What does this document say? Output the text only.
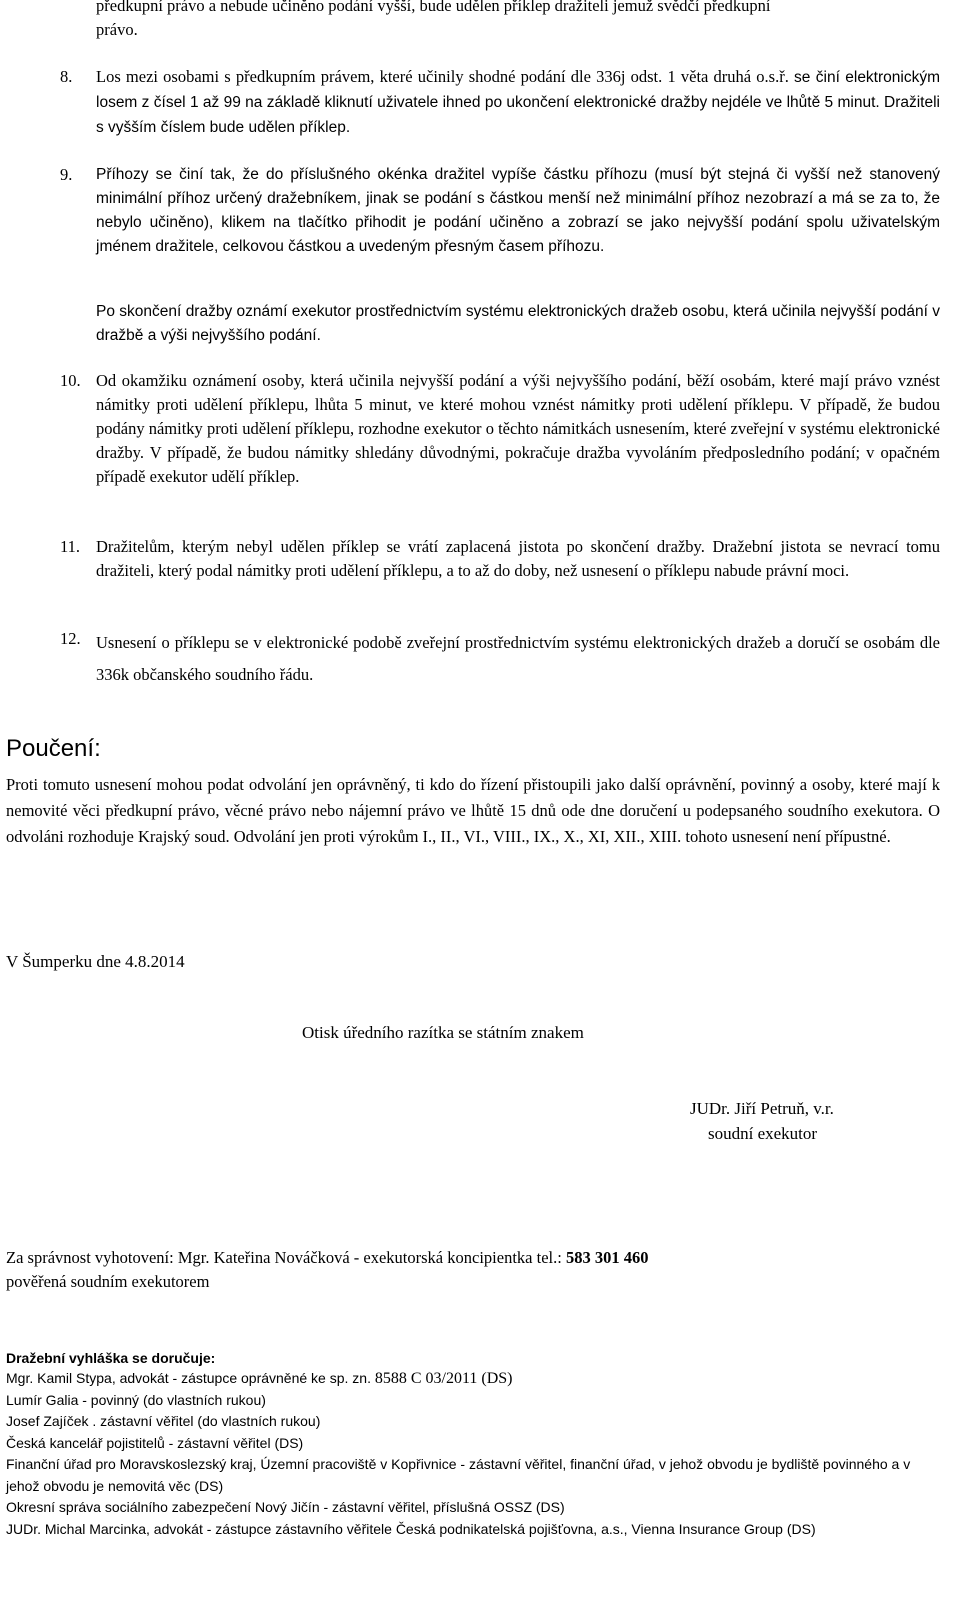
předkupní právo a nebude učiněno podání vyšší, bude udělen příklep dražiteli jemuž svědčí předkupní
právo.
8.	Los mezi osobami s předkupním právem, které učinily shodné podání dle 336j odst. 1 věta druhá o.s.ř. se činí elektronickým losem z čísel 1 až 99 na základě kliknutí uživatele ihned po ukončení elektronické dražby nejdéle ve lhůtě 5 minut. Dražiteli s vyšším číslem bude udělen příklep.
9.	Příhozy se činí tak, že do příslušného okénka dražitel vypíše částku příhozu (musí být stejná či vyšší než stanovený minimální příhoz určený dražebníkem, jinak se podání s částkou menší než minimální příhoz nezobrazí a má se za to, že nebylo učiněno), klikem na tlačítko přihodit je podání učiněno a zobrazí se jako nejvyšší podání spolu uživatelským jménem dražitele, celkovou částkou a uvedeným přesným časem příhozu.
Po skončení dražby oznámí exekutor prostřednictvím systému elektronických dražeb osobu, která učinila nejvyšší podání v dražbě a výši nejvyššího podání.
10. Od okamžiku oznámení osoby, která učinila nejvyšší podání a výši nejvyššího podání, běží osobám, které mají právo vznést námitky proti udělení příklepu, lhůta 5 minut, ve které mohou vznést námitky proti udělení příklepu. V případě, že budou podány námitky proti udělení příklepu, rozhodne exekutor o těchto námitkách usnesením, které zveřejní v systému elektronické dražby. V případě, že budou námitky shledány důvodnými, pokračuje dražba vyvoláním předposledního podání; v opačném případě exekutor udělí příklep.
11. Dražitelům, kterým nebyl udělen příklep se vrátí zaplacená jistota po skončení dražby. Dražební jistota se nevrací tomu dražiteli, který podal námitky proti udělení příklepu, a to až do doby, než usnesení o příklepu nabude právní moci.
12. Usnesení o příklepu se v elektronické podobě zveřejní prostřednictvím systému elektronických dražeb a doručí se osobám dle 336k občanského soudního řádu.
Poučení:
Proti tomuto usnesení mohou podat odvolání jen oprávněný, ti kdo do řízení přistoupili jako další oprávnění, povinný a osoby, které mají k nemovité věci předkupní právo, věcné právo nebo nájemní právo ve lhůtě 15 dnů ode dne doručení u podepsaného soudního exekutora. O odvoláni rozhoduje Krajský soud. Odvolání jen proti výrokům I., II., VI., VIII., IX., X., XI, XII., XIII. tohoto usnesení není přípustné.
V Šumperku dne 4.8.2014
Otisk úředního razítka se státním znakem
JUDr. Jiří Petruň, v.r.
soudní exekutor
Za správnost vyhotovení: Mgr. Kateřina Nováčková - exekutorská koncipientka tel.: 583 301 460
pověřená soudním exekutorem
Dražební vyhláška se doručuje:
Mgr. Kamil Stypa, advokát - zástupce oprávněné ke sp. zn. 8588 C 03/2011 (DS)
Lumír Galia - povinný (do vlastních rukou)
Josef Zajíček . zástavní věřitel (do vlastních rukou)
Česká kancelář pojistitelů - zástavní věřitel (DS)
Finanční úřad pro Moravskoslezský kraj, Územní pracoviště v Kopřivnice - zástavní věřitel, finanční úřad, v jehož obvodu je bydliště povinného a v jehož obvodu je nemovitá věc (DS)
Okresní správa sociálního zabezpečení Nový Jičín - zástavní věřitel, příslušná OSSZ (DS)
JUDr. Michal Marcinka, advokát - zástupce zástavního věřitele Česká podnikatelská pojišťovna, a.s., Vienna Insurance Group (DS)
